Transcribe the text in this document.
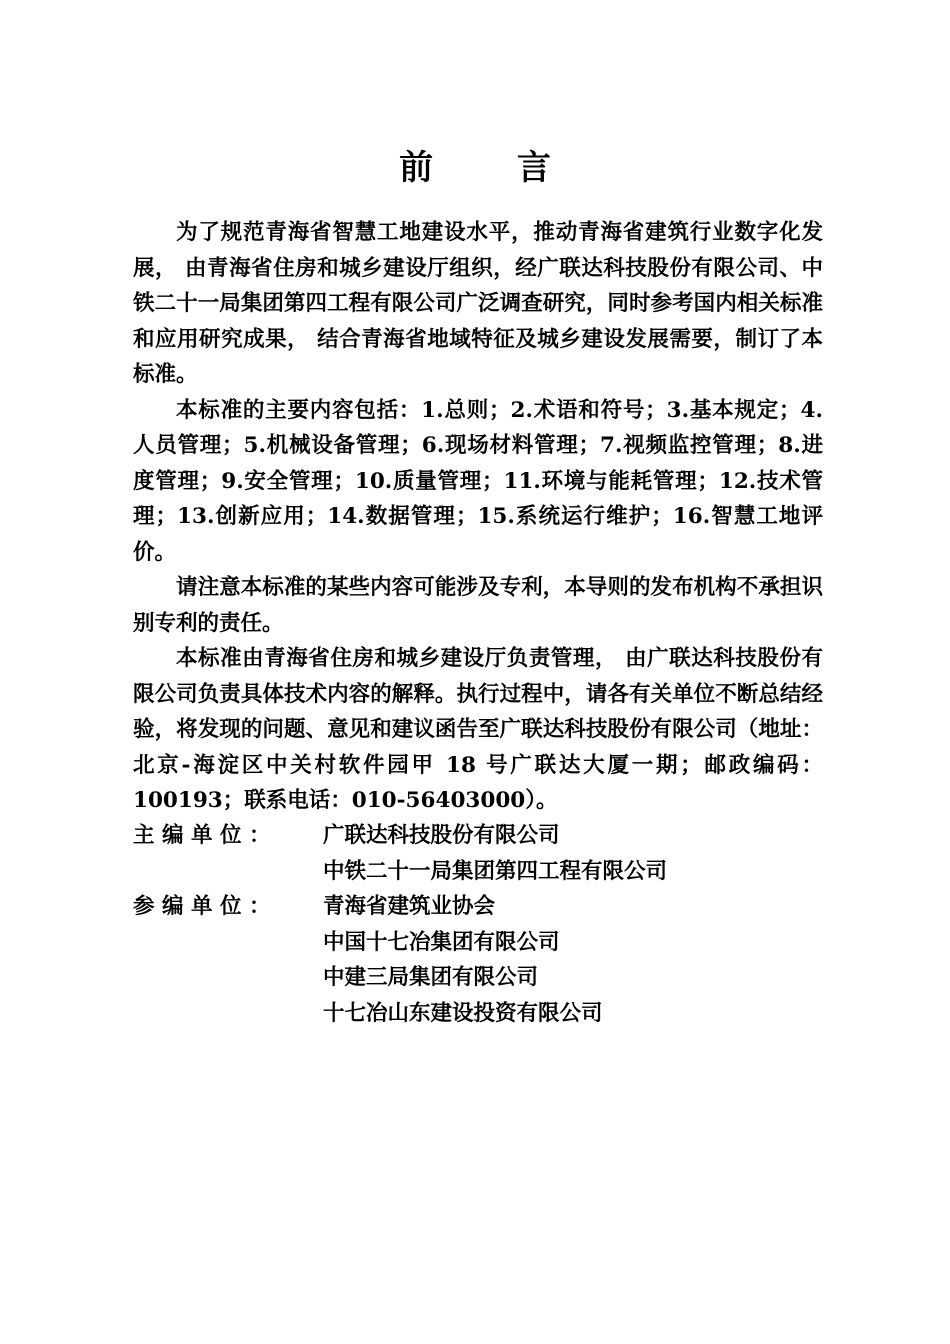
前 言

为了规范青海省智慧工地建设水平，推动青海省建筑行业数字化发展， 由青海省住房和城乡建设厅组织，经广联达科技股份有限公司、中铁二十一局集团第四工程有限公司广泛调查研究，同时参考国内相关标准和应用研究成果， 结合青海省地域特征及城乡建设发展需要，制订了本标准。

本标准的主要内容包括：1.总则；2.术语和符号；3.基本规定；4.人员管理；5.机械设备管理；6.现场材料管理；7.视频监控管理；8.进度管理；9.安全管理；10.质量管理；11.环境与能耗管理；12.技术管理；13.创新应用；14.数据管理；15.系统运行维护；16.智慧工地评价。

请注意本标准的某些内容可能涉及专利，本导则的发布机构不承担识别专利的责任。

本标准由青海省住房和城乡建设厅负责管理， 由广联达科技股份有限公司负责具体技术内容的解释。执行过程中，请各有关单位不断总结经验，将发现的问题、意见和建议函告至广联达科技股份有限公司（地址：北京-海淀区中关村软件园甲 18 号广联达大厦一期；邮政编码：100193；联系电话：010-56403000）。

主 编 单 位 ：	广联达科技股份有限公司
中铁二十一局集团第四工程有限公司
参 编 单 位 ：	青海省建筑业协会
中国十七冶集团有限公司
中建三局集团有限公司
十七冶山东建设投资有限公司
